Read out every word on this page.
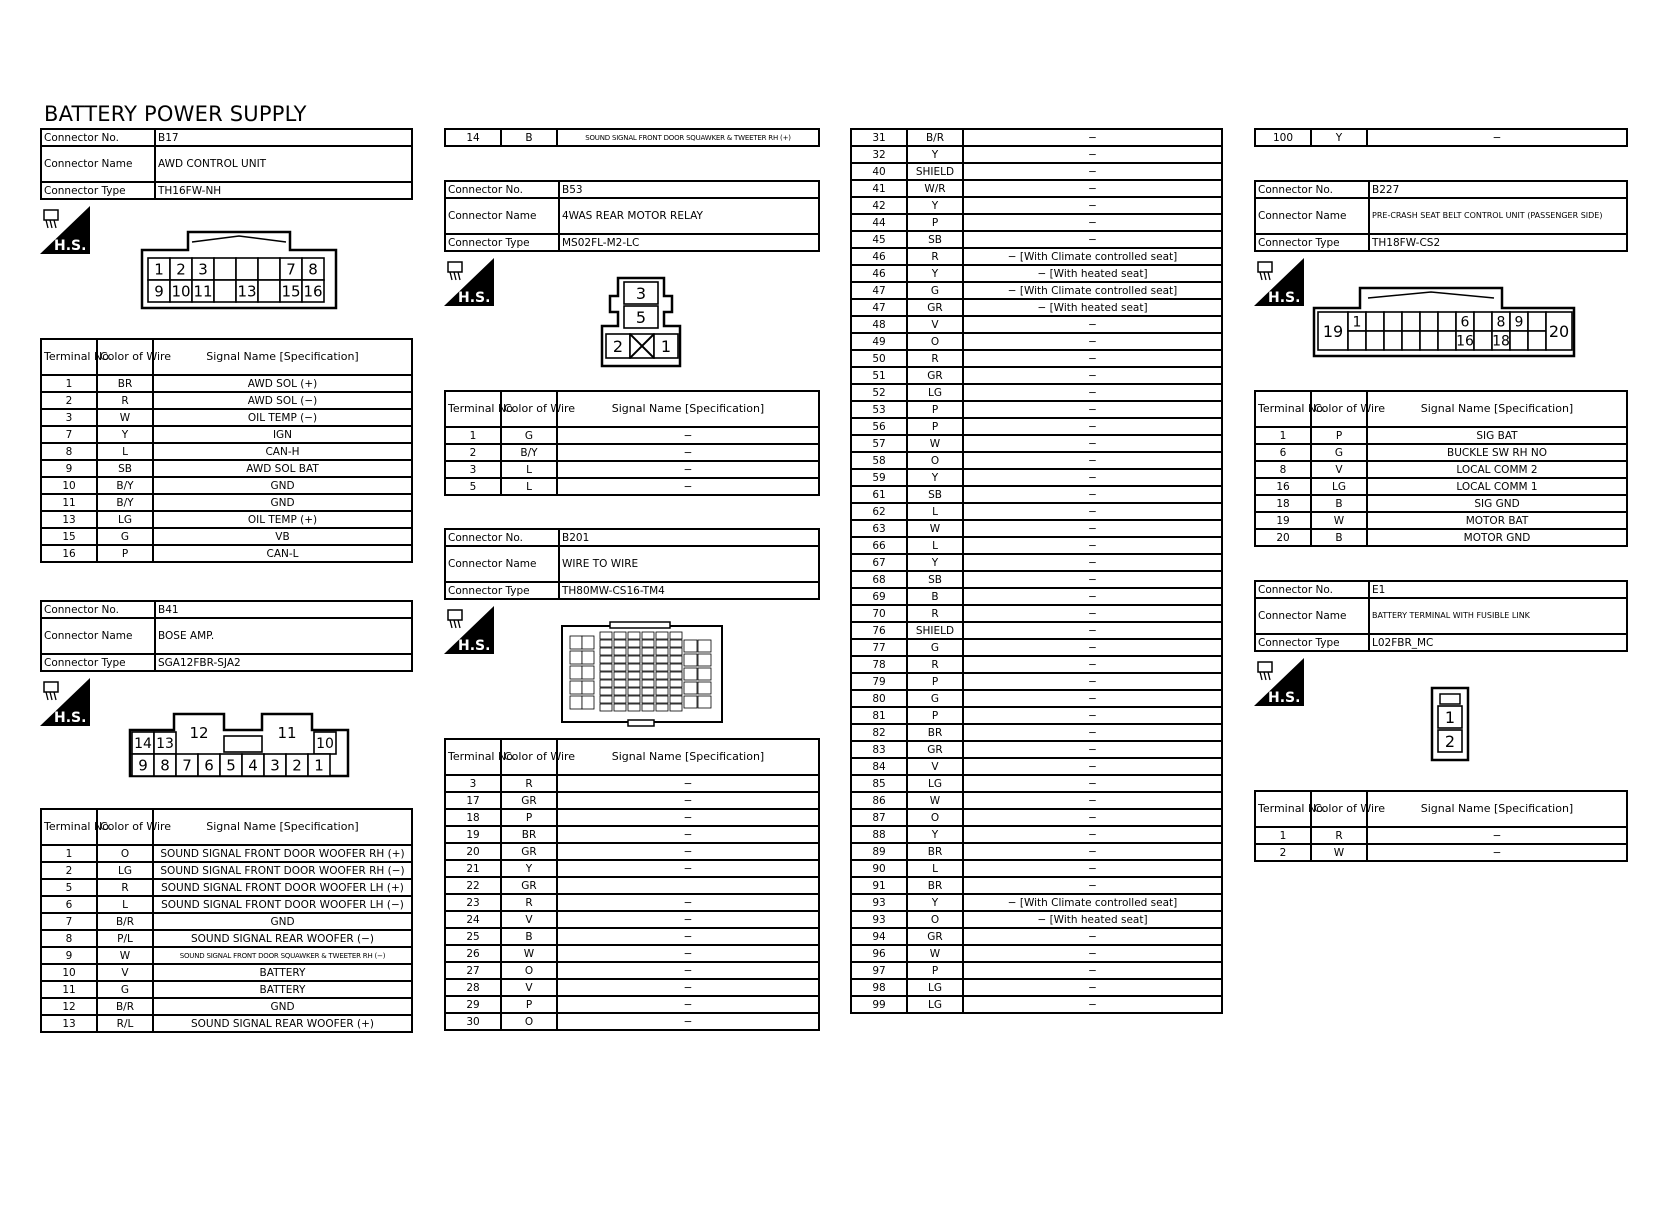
BATTERY POWER SUPPLY
Connector No.	B17
Connector Name	AWD CONTROL UNIT
Connector Type	TH16FW-NH
H.S.
1 2 3	7 8
9 10 11 13 15 16
Terminal No.	Color of Wire	Signal Name [Specification]
1	BR	AWD SOL (+)
2	R	AWD SOL (−)
3	W	OIL TEMP (−)
7	Y	IGN
8	L	CAN-H
9	SB	AWD SOL BAT
10	B/Y	GND
11	B/Y	GND
13	LG	OIL TEMP (+)
15	G	VB
16	P	CAN-L
Connector No.	B41
Connector Name	BOSE AMP.
Connector Type	SGA12FBR-SJA2
H.S.
14 13
12	11
10
9 8 7 6 5 4 3 2 1
Terminal No.	Color of Wire	Signal Name [Specification]
1	O	SOUND SIGNAL FRONT DOOR WOOFER RH (+)
2	LG	SOUND SIGNAL FRONT DOOR WOOFER RH (−)
5	R	SOUND SIGNAL FRONT DOOR WOOFER LH (+)
6	L	SOUND SIGNAL FRONT DOOR WOOFER LH (−)
7	B/R	GND
8	P/L	SOUND SIGNAL REAR WOOFER (−)
9	W	SOUND SIGNAL FRONT DOOR SQUAWKER & TWEETER RH (−)
10	V	BATTERY
11	G	BATTERY
12	B/R	GND
13	R/L	SOUND SIGNAL REAR WOOFER (+)
14	B	SOUND SIGNAL FRONT DOOR SQUAWKER & TWEETER RH (+)
Connector No.	B53
Connector Name	4WAS REAR MOTOR RELAY
Connector Type	MS02FL-M2-LC
H.S.	3
5
2 1
Terminal No.	Color of Wire	Signal Name [Specification]
1	G	−
2	B/Y	−
3	L	−
5	L	−
Connector No.	B201
Connector Name	WIRE TO WIRE
Connector Type	TH80MW-CS16-TM4
H.S.
Terminal No.	Color of Wire	Signal Name [Specification]
3	R	−
17	GR	−
18	P	−
19	BR	−
20	GR	−
21	Y	−
22	GR	
23	R	−
24	V	−
25	B	−
26	W	−
27	O	−
28	V	−
29	P	−
30	O	−
31	B/R	−
32	Y	−
40	SHIELD	−
41	W/R	−
42	Y	−
44	P	−
45	SB	−
46	R	− [With Climate controlled seat]
46	Y	− [With heated seat]
47	G	− [With Climate controlled seat]
47	GR	− [With heated seat]
48	V	−
49	O	−
50	R	−
51	GR	−
52	LG	−
53	P	−
56	P	−
57	W	−
58	O	−
59	Y	−
61	SB	−
62	L	−
63	W	−
66	L	−
67	Y	−
68	SB	−
69	B	−
70	R	−
76	SHIELD	−
77	G	−
78	R	−
79	P	−
80	G	−
81	P	−
82	BR	−
83	GR	−
84	V	−
85	LG	−
86	W	−
87	O	−
88	Y	−
89	BR	−
90	L	−
91	BR	−
93	Y	− [With Climate controlled seat]
93	O	− [With heated seat]
94	GR	−
96	W	−
97	P	−
98	LG	−
99	LG	−
100	Y	−
Connector No.	B227
Connector Name	PRE-CRASH SEAT BELT CONTROL UNIT (PASSENGER SIDE)
Connector Type	TH18FW-CS2
H.S.
19 1	6
16
8
18
9 20
Terminal No.	Color of Wire	Signal Name [Specification]
1	P	SIG BAT
6	G	BUCKLE SW RH NO
8	V	LOCAL COMM 2
16	LG	LOCAL COMM 1
18	B	SIG GND
19	W	MOTOR BAT
20	B	MOTOR GND
Connector No.	E1
Connector Name	BATTERY TERMINAL WITH FUSIBLE LINK
Connector Type	L02FBR_MC
H.S.
1
2
Terminal No.	Color of Wire	Signal Name [Specification]
1	R	−
2	W	−
